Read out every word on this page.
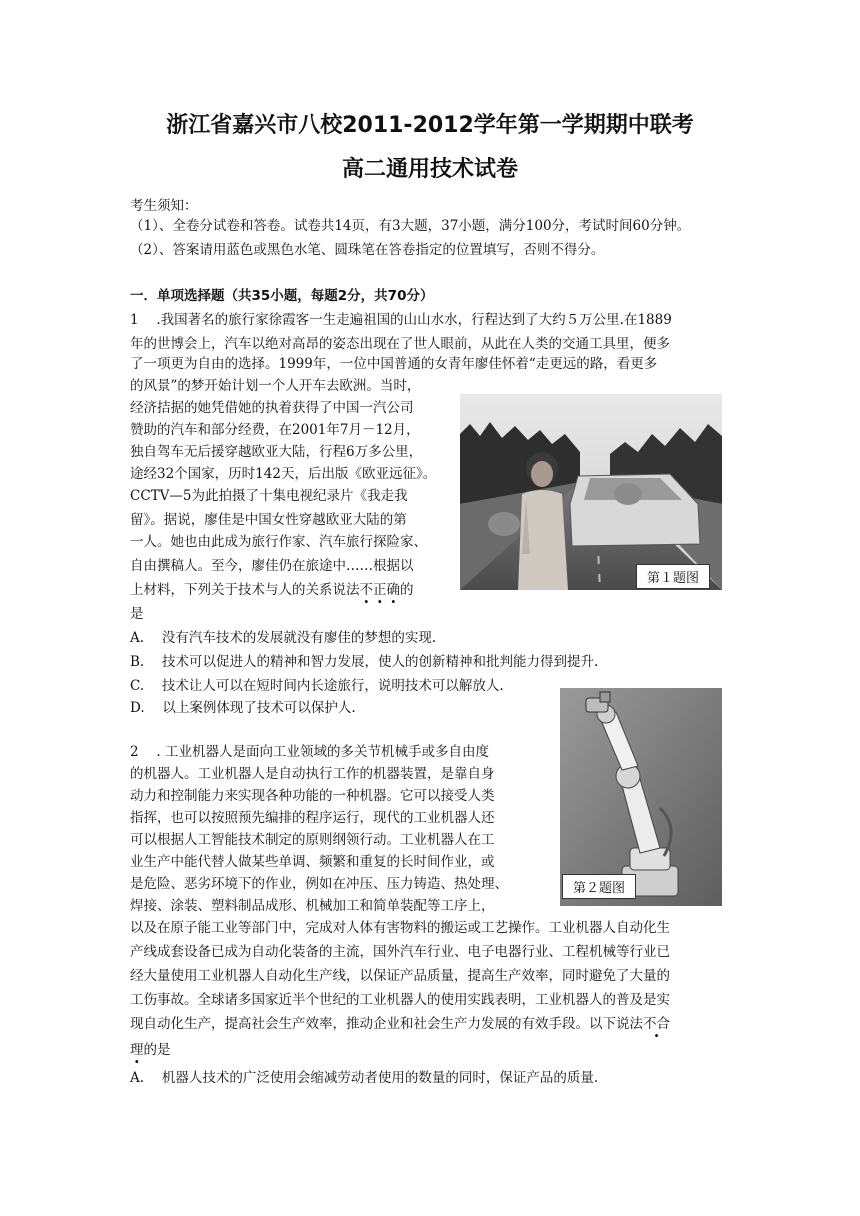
浙江省嘉兴市八校2011-2012学年第一学期期中联考
高二通用技术试卷
考生须知：
（1）、全卷分试卷和答卷。试卷共14页，有3大题，37小题，满分100分，考试时间60分钟。
（2）、答案请用蓝色或黑色水笔、圆珠笔在答卷指定的位置填写，否则不得分。
一．单项选择题（共35小题，每题2分，共70分）
1　 .我国著名的旅行家徐霞客一生走遍祖国的山山水水，行程达到了大约５万公里.在1889
年的世博会上，汽车以绝对高昂的姿态出现在了世人眼前，从此在人类的交通工具里，便多
了一项更为自由的选择。1999年，一位中国普通的女青年廖佳怀着“走更远的路，看更多
的风景”的梦开始计划一个人开车去欧洲。当时，
经济拮据的她凭借她的执着获得了中国一汽公司
赞助的汽车和部分经费，在2001年7月－12月，
独自驾车无后援穿越欧亚大陆，行程6万多公里，
途经32个国家，历时142天，后出版《欧亚远征》。
CCTV—5为此拍摄了十集电视纪录片《我走我
留》。据说，廖佳是中国女性穿越欧亚大陆的第
一人。她也由此成为旅行作家、汽车旅行探险家、
自由撰稿人。至今，廖佳仍在旅途中……根据以
上材料，下列关于技术与人的关系说法不正确的
是
第１题图
A.　 没有汽车技术的发展就没有廖佳的梦想的实现.
B.　 技术可以促进人的精神和智力发展，使人的创新精神和批判能力得到提升.
C.　 技术让人可以在短时间内长途旅行，说明技术可以解放人.
D.　 以上案例体现了技术可以保护人.
2　 . 工业机器人是面向工业领域的多关节机械手或多自由度
的机器人。工业机器人是自动执行工作的机器装置，是靠自身
动力和控制能力来实现各种功能的一种机器。它可以接受人类
指挥，也可以按照预先编排的程序运行，现代的工业机器人还
可以根据人工智能技术制定的原则纲领行动。工业机器人在工
业生产中能代替人做某些单调、频繁和重复的长时间作业，或
是危险、恶劣环境下的作业，例如在冲压、压力铸造、热处理、
焊接、涂装、塑料制品成形、机械加工和简单装配等工序上，
以及在原子能工业等部门中，完成对人体有害物料的搬运或工艺操作。工业机器人自动化生
产线成套设备已成为自动化装备的主流，国外汽车行业、电子电器行业、工程机械等行业已
经大量使用工业机器人自动化生产线，以保证产品质量，提高生产效率，同时避免了大量的
工伤事故。全球诸多国家近半个世纪的工业机器人的使用实践表明，工业机器人的普及是实
现自动化生产，提高社会生产效率，推动企业和社会生产力发展的有效手段。以下说法不合
理的是
第２题图
A.　 机器人技术的广泛使用会缩减劳动者使用的数量的同时，保证产品的质量.
